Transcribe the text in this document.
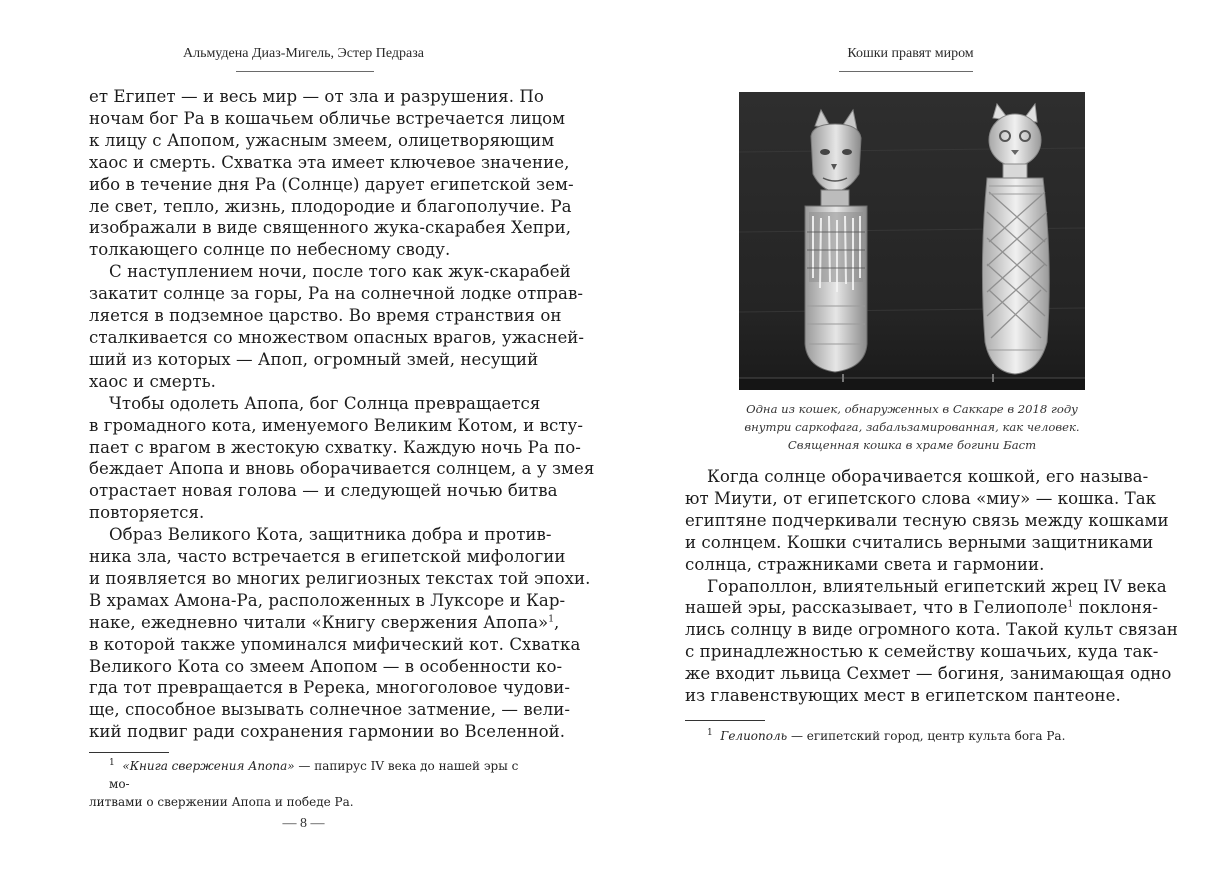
Альмудена Диаз-Мигель, Эстер Педраза
ет Египет — и весь мир — от зла и разрушения. По
ночам бог Ра в кошачьем обличье встречается лицом
к лицу с Апопом, ужасным змеем, олицетворяющим
хаос и смерть. Схватка эта имеет ключевое значение,
ибо в течение дня Ра (Солнце) дарует египетской зем-
ле свет, тепло, жизнь, плодородие и благополучие. Ра
изображали в виде священного жука-скарабея Хепри,
толкающего солнце по небесному своду.
С наступлением ночи, после того как жук-скарабей
закатит солнце за горы, Ра на солнечной лодке отправ-
ляется в подземное царство. Во время странствия он
сталкивается со множеством опасных врагов, ужасней-
ший из которых — Апоп, огромный змей, несущий
хаос и смерть.
Чтобы одолеть Апопа, бог Солнца превращается
в громадного кота, именуемого Великим Котом, и всту-
пает с врагом в жестокую схватку. Каждую ночь Ра по-
беждает Апопа и вновь оборачивается солнцем, а у змея
отрастает новая голова — и следующей ночью битва
повторяется.
Образ Великого Кота, защитника добра и против-
ника зла, часто встречается в египетской мифологии
и появляется во многих религиозных текстах той эпохи.
В храмах Амона-Ра, расположенных в Луксоре и Кар-
наке, ежедневно читали «Книгу свержения Апопа»$^1$,
в которой также упоминался мифический кот. Схватка
Великого Кота со змеем Апопом — в особенности ко-
гда тот превращается в Ререка, многоголовое чудови-
ще, способное вызывать солнечное затмение, — вели-
кий подвиг ради сохранения гармонии во Вселенной.
$^1$ «Книга свержения Апопа» — папирус IV века до нашей эры с мо-
литвами о свержении Апопа и победе Ра.
— 8 —
Кошки правят миром
Одна из кошек, обнаруженных в Саккаре в 2018 году
внутри саркофага, забальзамированная, как человек.
Священная кошка в храме богини Баст
Когда солнце оборачивается кошкой, его называ-
ют Миути, от египетского слова «миу» — кошка. Так
египтяне подчеркивали тесную связь между кошками
и солнцем. Кошки считались верными защитниками
солнца, стражниками света и гармонии.
Гораполлон, влиятельный египетский жрец IV века
нашей эры, рассказывает, что в Гелиополе$^1$ поклоня-
лись солнцу в виде огромного кота. Такой культ связан
с принадлежностью к семейству кошачьих, куда так-
же входит львица Сехмет — богиня, занимающая одно
из главенствующих мест в египетском пантеоне.
$^1$ Гелиополь — египетский город, центр культа бога Ра.
